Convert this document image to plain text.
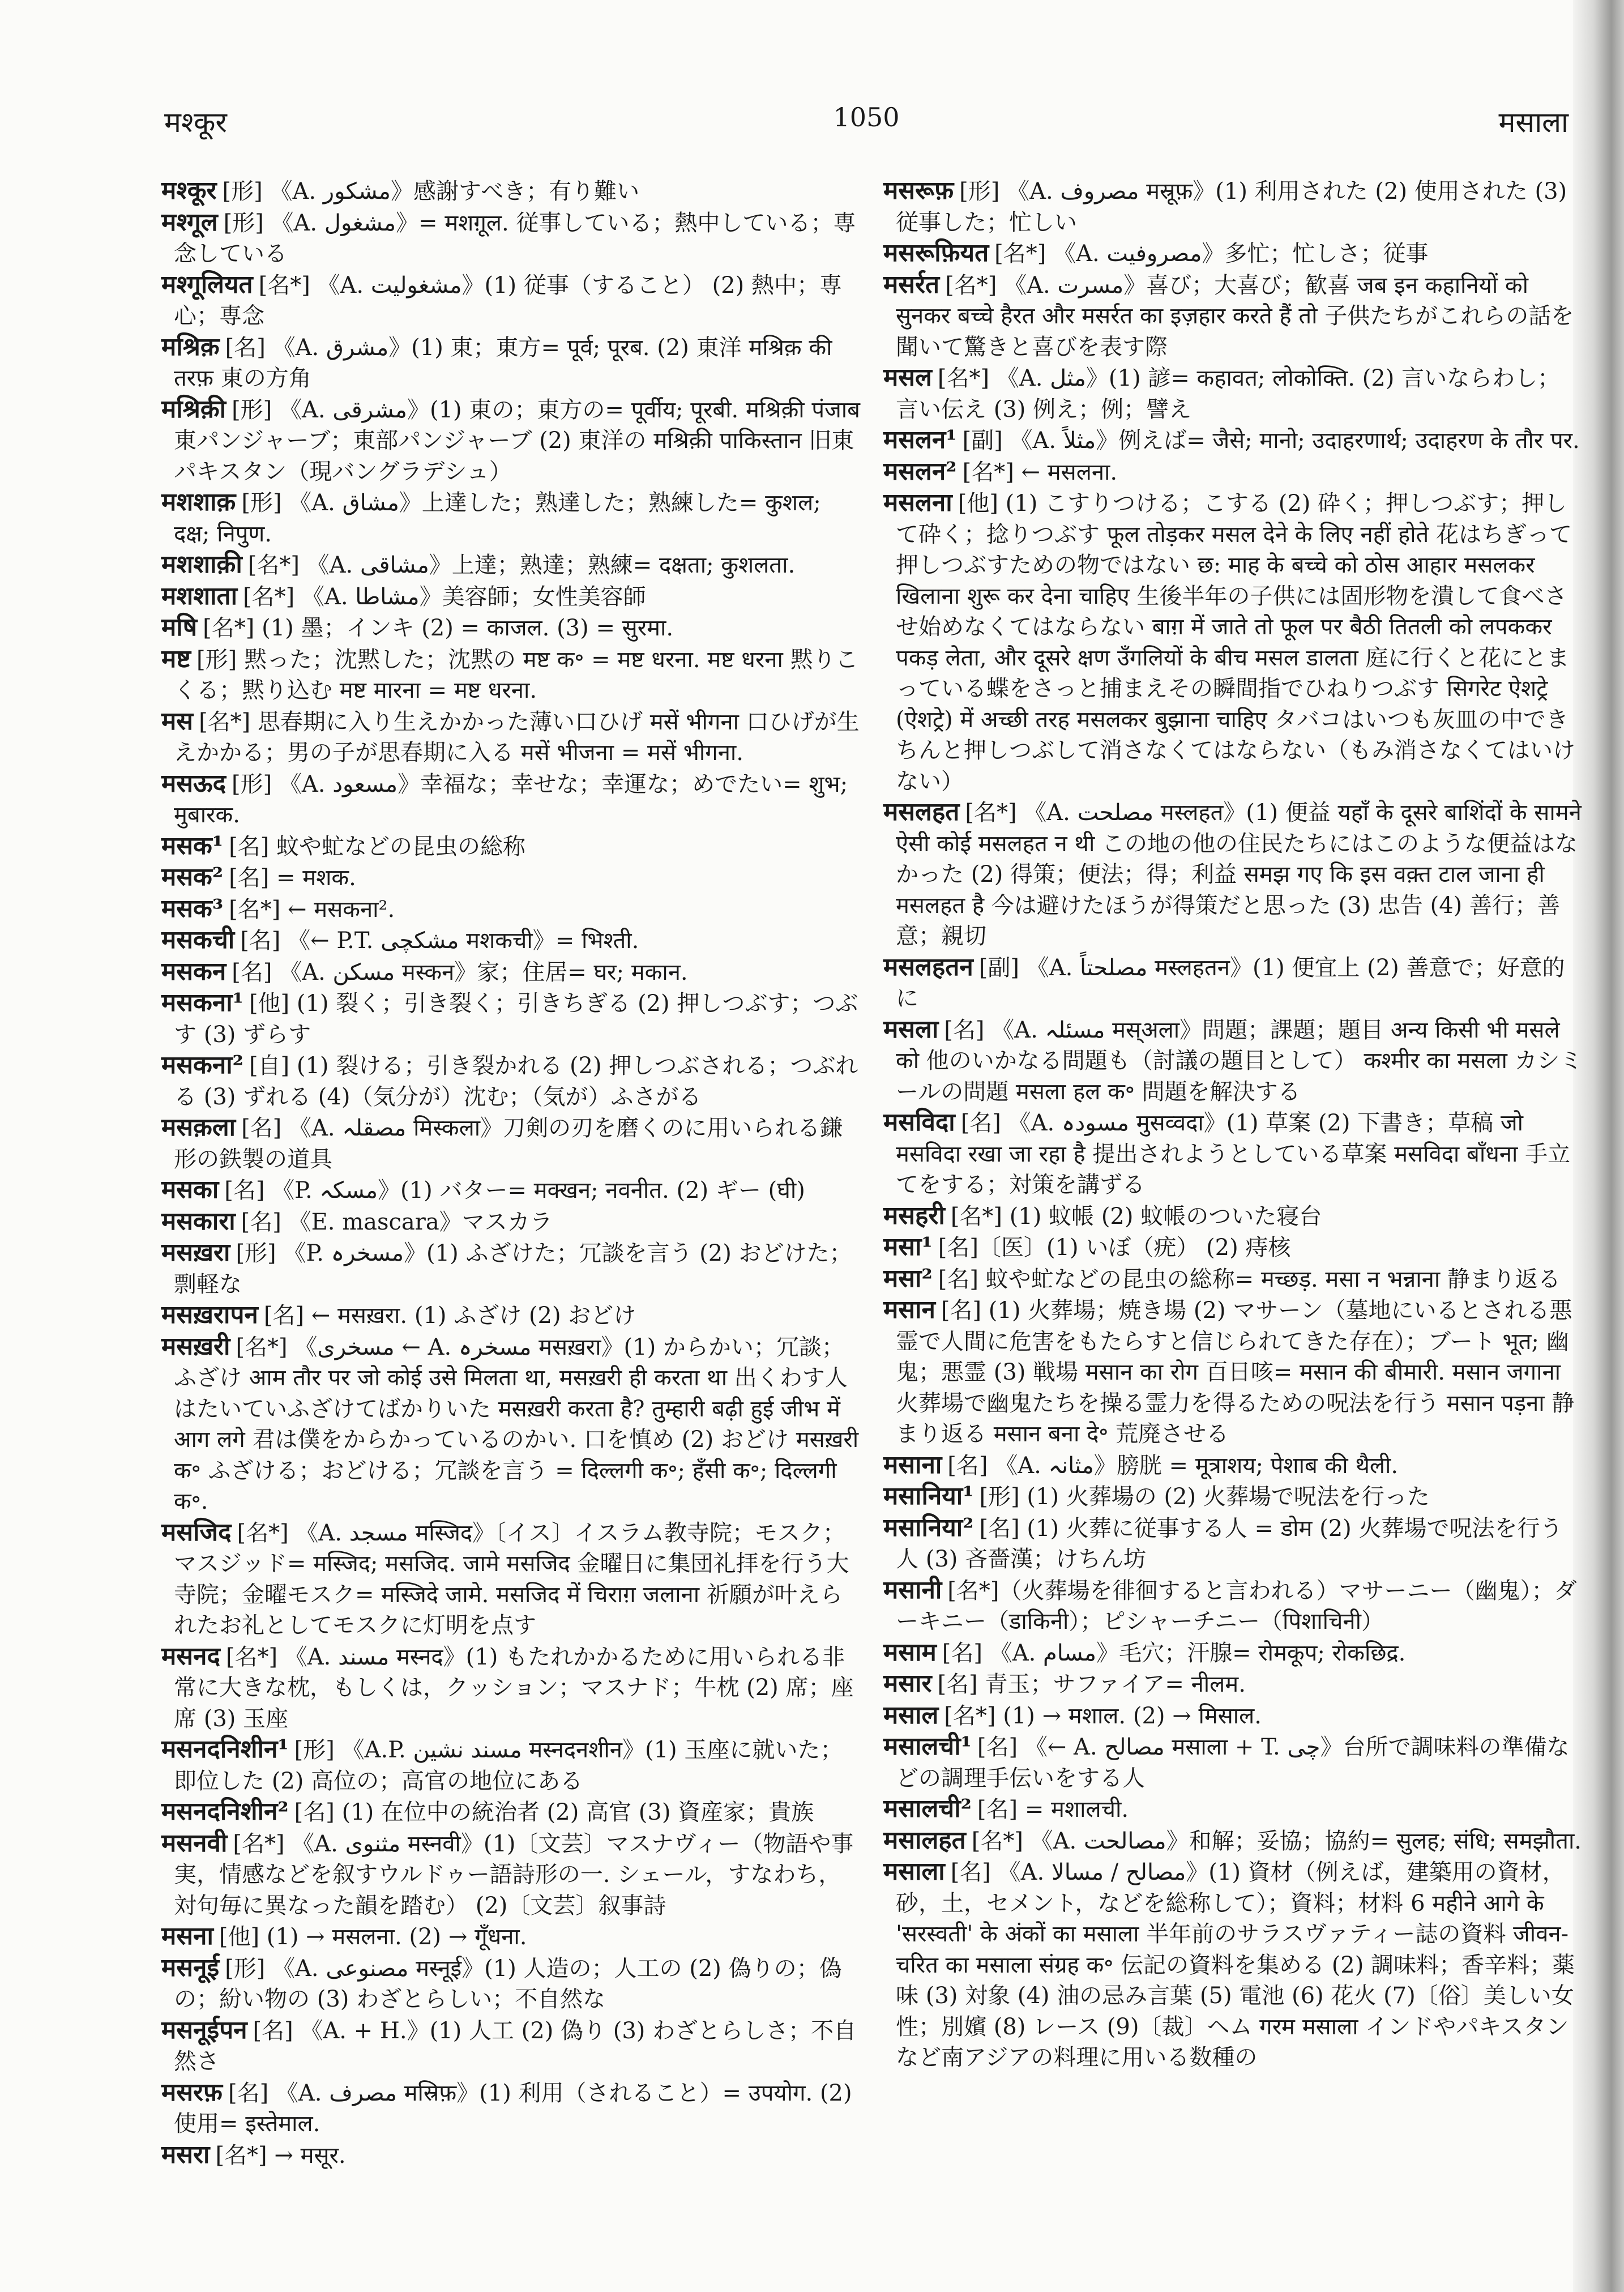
मश्कूर	1050	मसाला

मश्कूर [形] 《A. مشکور》感謝すべき；有り難い

मश्गूल [形] 《A. مشغول》= मशग़ूल. 従事している；熱中している；専念している

मश्गूलियत [名*] 《A. مشغولیت》(1) 従事（すること） (2) 熱中；専心；専念

मश्रिक़ [名] 《A. مشرق》(1) 東；東方= पूर्व; पूरब. (2) 東洋 मश्रिक़ की तरफ़ 東の方角

मश्रिक़ी [形] 《A. مشرقی》(1) 東の；東方の= पूर्वीय; पूरबी. मश्रिक़ी पंजाब 東パンジャーブ；東部パンジャーブ (2) 東洋の मश्रिक़ी पाकिस्तान 旧東パキスタン（現バングラデシュ）

मशशाक़ [形] 《A. مشاق》上達した；熟達した；熟練した= कुशल; दक्ष; निपुण.

मशशाक़ी [名*] 《A. مشاقی》上達；熟達；熟練= दक्षता; कुशलता.

मशशाता [名*] 《A. مشاطا》美容師；女性美容師

मषि [名*] (1) 墨；インキ (2) = काजल. (3) = सुरमा.

मष्ट [形] 黙った；沈黙した；沈黙の मष्ट क॰ = मष्ट धरना. मष्ट धरना 黙りこくる；黙り込む मष्ट मारना = मष्ट धरना.

मस [名*] 思春期に入り生えかかった薄い口ひげ मसें भीगना 口ひげが生えかかる；男の子が思春期に入る मसें भीजना = मसें भीगना.

मसऊद [形] 《A. مسعود》幸福な；幸せな；幸運な；めでたい= शुभ; मुबारक.

मसक¹ [名] 蚊や虻などの昆虫の総称

मसक² [名] = मशक.

मसक³ [名*] ← मसकना².

मसकची [名] 《← P.T. مشکچی मशकची》= भिश्ती.

मसकन [名] 《A. مسکن मस्कन》家；住居= घर; मकान.

मसकना¹ [他] (1) 裂く；引き裂く；引きちぎる (2) 押しつぶす；つぶす (3) ずらす

मसकना² [自] (1) 裂ける；引き裂かれる (2) 押しつぶされる；つぶれる (3) ずれる (4)（気分が）沈む；（気が）ふさがる

मसक़ला [名] 《A. مصقلہ मिस्कला》刀剣の刃を磨くのに用いられる鎌形の鉄製の道具

मसका [名] 《P. مسکہ》(1) バター= मक्खन; नवनीत. (2) ギー (घी)

मसकारा [名] 《E. mascara》マスカラ

मसख़रा [形] 《P. مسخرہ》(1) ふざけた；冗談を言う (2) おどけた；剽軽な

मसख़रापन [名] ← मसख़रा. (1) ふざけ (2) おどけ

मसख़री [名*] 《مسخری ← A. مسخرہ मसख़रा》(1) からかい；冗談；ふざけ आम तौर पर जो कोई उसे मिलता था, मसख़री ही करता था 出くわす人はたいていふざけてばかりいた मसख़री करता है? तुम्हारी बढ़ी हुई जीभ में आग लगे 君は僕をからかっているのかい. 口を慎め (2) おどけ मसख़री क॰ ふざける；おどける；冗談を言う = दिल्लगी क॰; हँसी क॰; दिल्लगी क॰.

मसजिद [名*] 《A. مسجد मस्जिद》〔イス〕イスラム教寺院；モスク；マスジッド= मस्जिद; मसजिद. जामे मसजिद 金曜日に集団礼拝を行う大寺院；金曜モスク= मस्जिदे जामे. मसजिद में चिराग़ जलाना 祈願が叶えられたお礼としてモスクに灯明を点す

मसनद [名*] 《A. مسند मस्नद》(1) もたれかかるために用いられる非常に大きな枕，もしくは，クッション；マスナド；牛枕 (2) 席；座席 (3) 玉座

मसनदनिशीन¹ [形] 《A.P. مسند نشین मस्नदनशीन》(1) 玉座に就いた；即位した (2) 高位の；高官の地位にある

मसनदनिशीन² [名] (1) 在位中の統治者 (2) 高官 (3) 資産家；貴族

मसनवी [名*] 《A. مثنوی मस्नवी》(1)〔文芸〕マスナヴィー（物語や事実，情感などを叙すウルドゥー語詩形の一. シェール，すなわち，対句毎に異なった韻を踏む） (2)〔文芸〕叙事詩

मसना [他] (1) → मसलना. (2) → गूँधना.

मसनूई [形] 《A. مصنوعی मस्नूई》(1) 人造の；人工の (2) 偽りの；偽の；紛い物の (3) わざとらしい；不自然な

मसनूईपन [名] 《A. + H.》(1) 人工 (2) 偽り (3) わざとらしさ；不自然さ

मसरफ़ [名] 《A. مصرف मस्रिफ़》(1) 利用（されること）= उपयोग. (2) 使用= इस्तेमाल.

मसरा [名*] → मसूर.

मसरूफ़ [形] 《A. مصروف मस्रूफ़》(1) 利用された (2) 使用された (3) 従事した；忙しい

मसरूफ़ियत [名*] 《A. مصروفیت》多忙；忙しさ；従事

मसर्रत [名*] 《A. مسرت》喜び；大喜び；歓喜 जब इन कहानियों को सुनकर बच्चे हैरत और मसर्रत का इज़हार करते हैं तो 子供たちがこれらの話を聞いて驚きと喜びを表す際

मसल [名*] 《A. مثل》(1) 諺= कहावत; लोकोक्ति. (2) 言いならわし；言い伝え (3) 例え；例；譬え

मसलन¹ [副] 《A. مثلاً》例えば= जैसे; मानो; उदाहरणार्थ; उदाहरण के तौर पर.

मसलन² [名*] ← मसलना.

मसलना [他] (1) こすりつける；こする (2) 砕く；押しつぶす；押して砕く；捻りつぶす फूल तोड़कर मसल देने के लिए नहीं होते 花はちぎって押しつぶすための物ではない छ: माह के बच्चे को ठोस आहार मसलकर खिलाना शुरू कर देना चाहिए 生後半年の子供には固形物を潰して食べさせ始めなくてはならない बाग़ में जाते तो फूल पर बैठी तितली को लपककर पकड़ लेता, और दूसरे क्षण उँगलियों के बीच मसल डालता 庭に行くと花にとまっている蝶をさっと捕まえその瞬間指でひねりつぶす सिगरेट ऐशट्रे (ऐशट्रे) में अच्छी तरह मसलकर बुझाना चाहिए タバコはいつも灰皿の中できちんと押しつぶして消さなくてはならない（もみ消さなくてはいけない）

मसलहत [名*] 《A. مصلحت मस्लहत》(1) 便益 यहाँ के दूसरे बाशिंदों के सामने ऐसी कोई मसलहत न थी この地の他の住民たちにはこのような便益はなかった (2) 得策；便法；得；利益 समझ गए कि इस वक़्त टाल जाना ही मसलहत है 今は避けたほうが得策だと思った (3) 忠告 (4) 善行；善意；親切

मसलहतन [副] 《A. مصلحتاً मस्लहतन》(1) 便宜上 (2) 善意で；好意的に

मसला [名] 《A. مسئلہ मस्अला》問題；課題；題目 अन्य किसी भी मसले को 他のいかなる問題も（討議の題目として） कश्मीर का मसला カシミールの問題 मसला हल क॰ 問題を解決する

मसविदा [名] 《A. مسودہ मुसव्वदा》(1) 草案 (2) 下書き；草稿 जो मसविदा रखा जा रहा है 提出されようとしている草案 मसविदा बाँधना 手立てをする；対策を講ずる

मसहरी [名*] (1) 蚊帳 (2) 蚊帳のついた寝台

मसा¹ [名]〔医〕(1) いぼ（疣） (2) 痔核

मसा² [名] 蚊や虻などの昆虫の総称= मच्छड़. मसा न भन्नाना 静まり返る

मसान [名] (1) 火葬場；焼き場 (2) マサーン（墓地にいるとされる悪霊で人間に危害をもたらすと信じられてきた存在）；ブート भूत; 幽鬼；悪霊 (3) 戦場 मसान का रोग 百日咳= मसान की बीमारी. मसान जगाना 火葬場で幽鬼たちを操る霊力を得るための呪法を行う मसान पड़ना 静まり返る मसान बना दे॰ 荒廃させる

मसाना [名] 《A. مثانہ》膀胱 = मूत्राशय; पेशाब की थैली.

मसानिया¹ [形] (1) 火葬場の (2) 火葬場で呪法を行った

मसानिया² [名] (1) 火葬に従事する人 = डोम (2) 火葬場で呪法を行う人 (3) 吝嗇漢；けちん坊

मसानी [名*]（火葬場を徘徊すると言われる）マサーニー（幽鬼）；ダーキニー（डाकिनी）；ピシャーチニー（पिशाचिनी）

मसाम [名] 《A. مسام》毛穴；汗腺= रोमकूप; रोकछिद्र.

मसार [名] 青玉；サファイア= नीलम.

मसाल [名*] (1) → मशाल. (2) → मिसाल.

मसालची¹ [名] 《← A. مصالح मसाला + T. چی》台所で調味料の準備などの調理手伝いをする人

मसालची² [名] = मशालची.

मसालहत [名*] 《A. مصالحت》和解；妥協；協約= सुलह; संधि; समझौता.

मसाला [名] 《A. مصالح / مسالا》(1) 資材（例えば，建築用の資材，砂，土，セメント，などを総称して）；資料；材料 6 महीने आगे के 'सरस्वती' के अंकों का मसाला 半年前のサラスヴァティー誌の資料 जीवन-चरित का मसाला संग्रह क॰ 伝記の資料を集める (2) 調味料；香辛料；薬味 (3) 対象 (4) 油の忌み言葉 (5) 電池 (6) 花火 (7)〔俗〕美しい女性；別嬪 (8) レース (9)〔裁〕ヘム गरम मसाला インドやパキスタンなど南アジアの料理に用いる数種の
